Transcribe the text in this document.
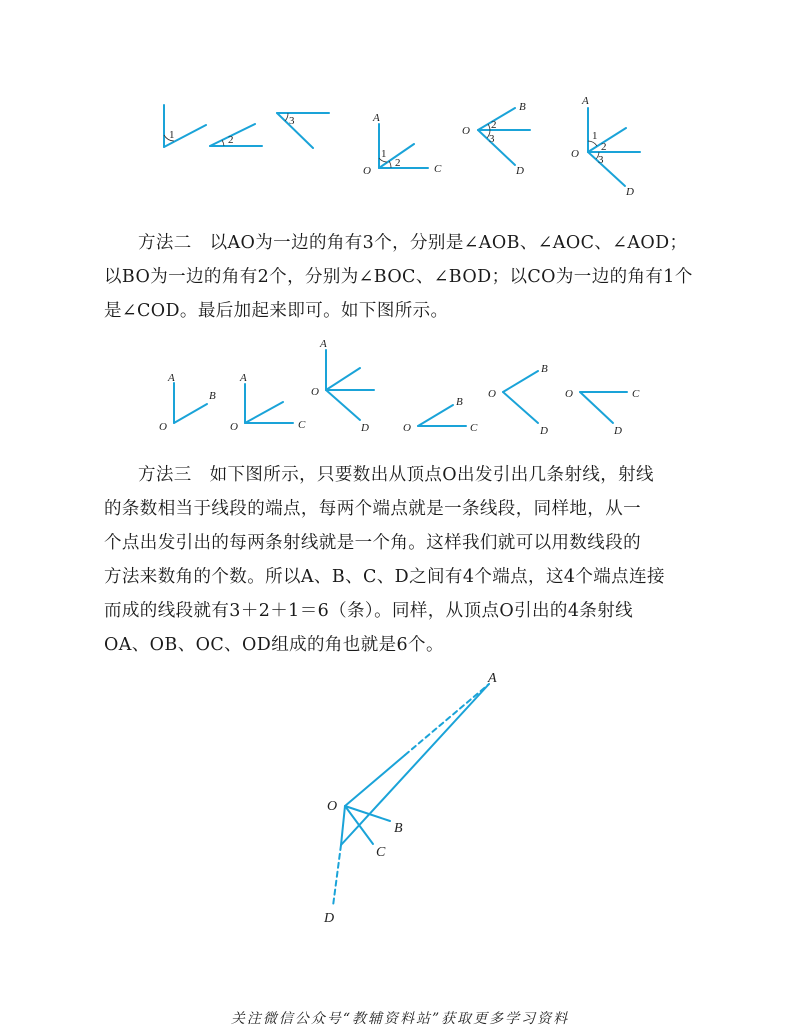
1	2
3	A
O	C
1
2
B
O
D
2
3
A
O
D
1
2
3

方法二　以AO为一边的角有3个，分别是∠AOB、∠AOC、∠AOD；

以BO为一边的角有2个，分别为∠BOC、∠BOD；以CO为一边的角有1个

是∠COD。最后加起来即可。如下图所示。

A
B
O
A
O	C
A
O
D
B
O	C
B
O
D
O	C
D

方法三　如下图所示，只要数出从顶点O出发引出几条射线，射线

的条数相当于线段的端点，每两个端点就是一条线段，同样地，从一

个点出发引出的每两条射线就是一个角。这样我们就可以用数线段的

方法来数角的个数。所以A、B、C、D之间有4个端点，这4个端点连接

而成的线段就有3＋2＋1＝6（条）。同样，从顶点O引出的4条射线

OA、OB、OC、OD组成的角也就是6个。

A
O
B
C
D
关注微信公众号“教辅资料站”获取更多学习资料
